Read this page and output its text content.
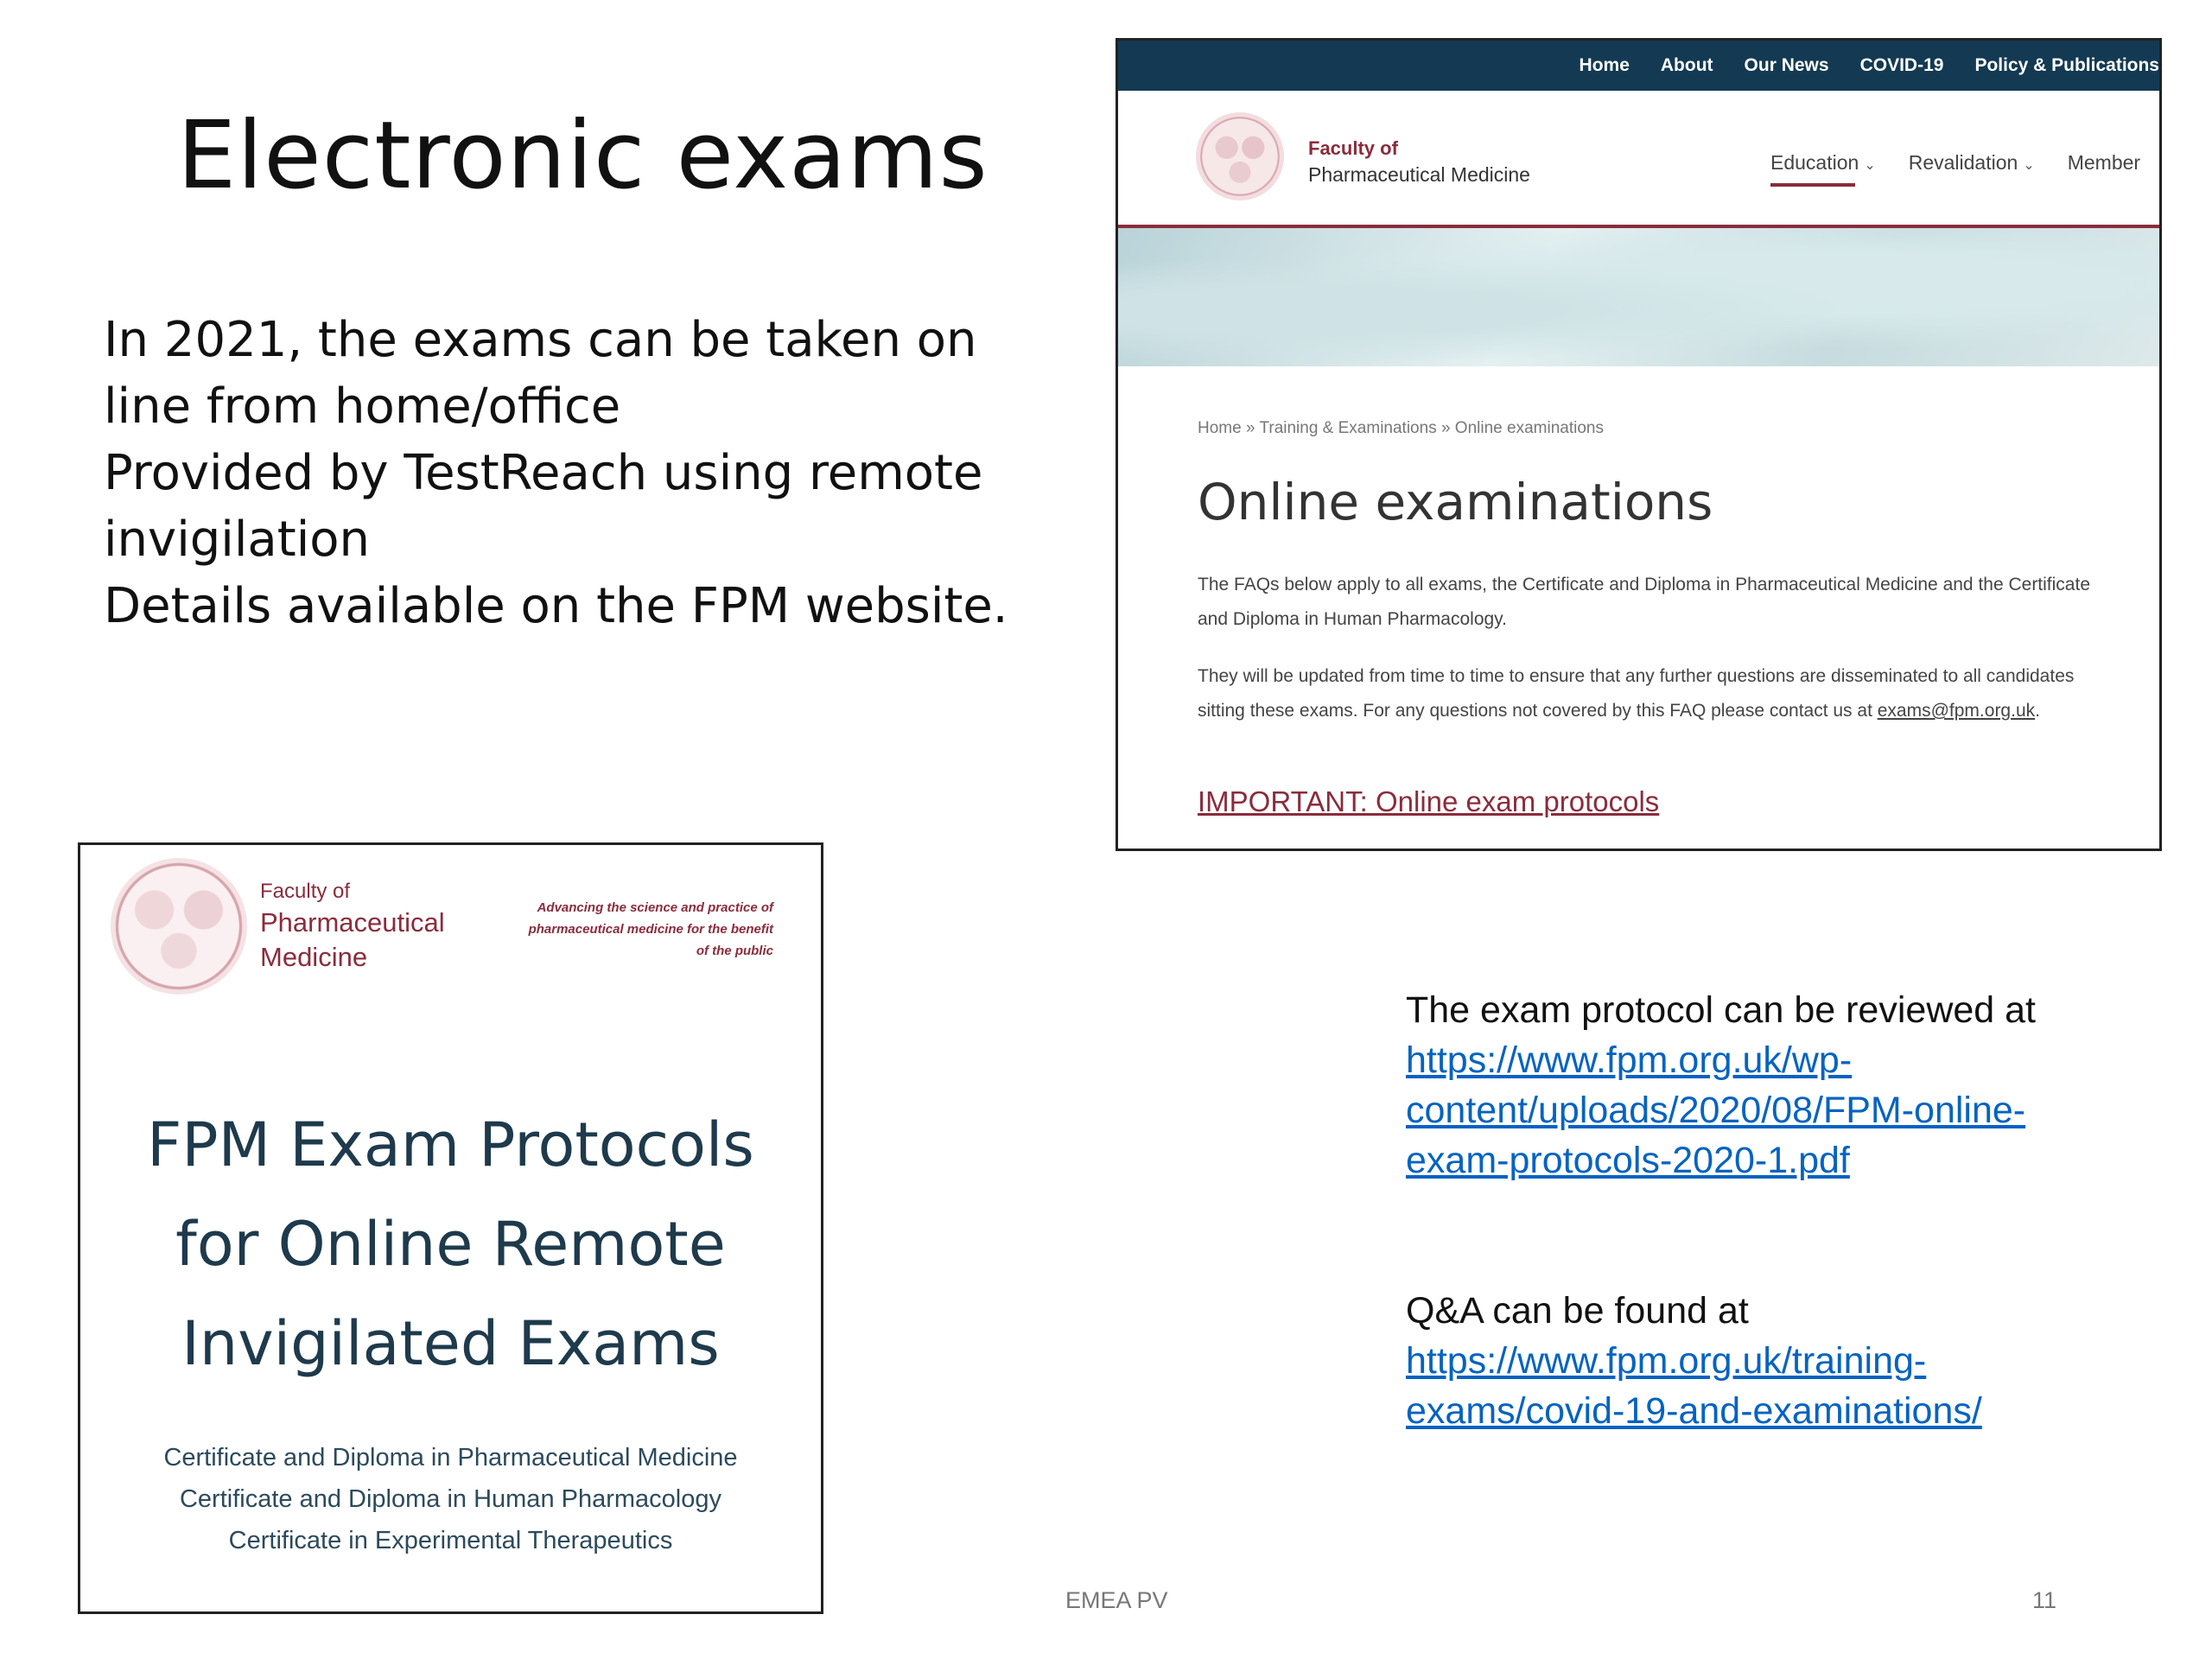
Electronic exams
In 2021, the exams can be taken on
line from home/office
Provided by TestReach using remote
invigilation
Details available on the FPM website.
Home About Our News COVID-19 Policy & Publications
Faculty of
Pharmaceutical Medicine
Education ⌄ Revalidation ⌄ Member
Home » Training & Examinations » Online examinations
Online examinations
The FAQs below apply to all exams, the Certificate and Diploma in Pharmaceutical Medicine and the Certificate and Diploma in Human Pharmacology.
They will be updated from time to time to ensure that any further questions are disseminated to all candidates sitting these exams. For any questions not covered by this FAQ please contact us at exams@fpm.org.uk.
IMPORTANT: Online exam protocols
Faculty of
Pharmaceutical
Medicine
Advancing the science and practice of pharmaceutical medicine for the benefit of the public
FPM Exam Protocols
for Online Remote
Invigilated Exams
Certificate and Diploma in Pharmaceutical Medicine
Certificate and Diploma in Human Pharmacology
Certificate in Experimental Therapeutics
The exam protocol can be reviewed at
https://www.fpm.org.uk/wp-
content/uploads/2020/08/FPM-online-
exam-protocols-2020-1.pdf
Q&A can be found at
https://www.fpm.org.uk/training-
exams/covid-19-and-examinations/
EMEA PV	11
